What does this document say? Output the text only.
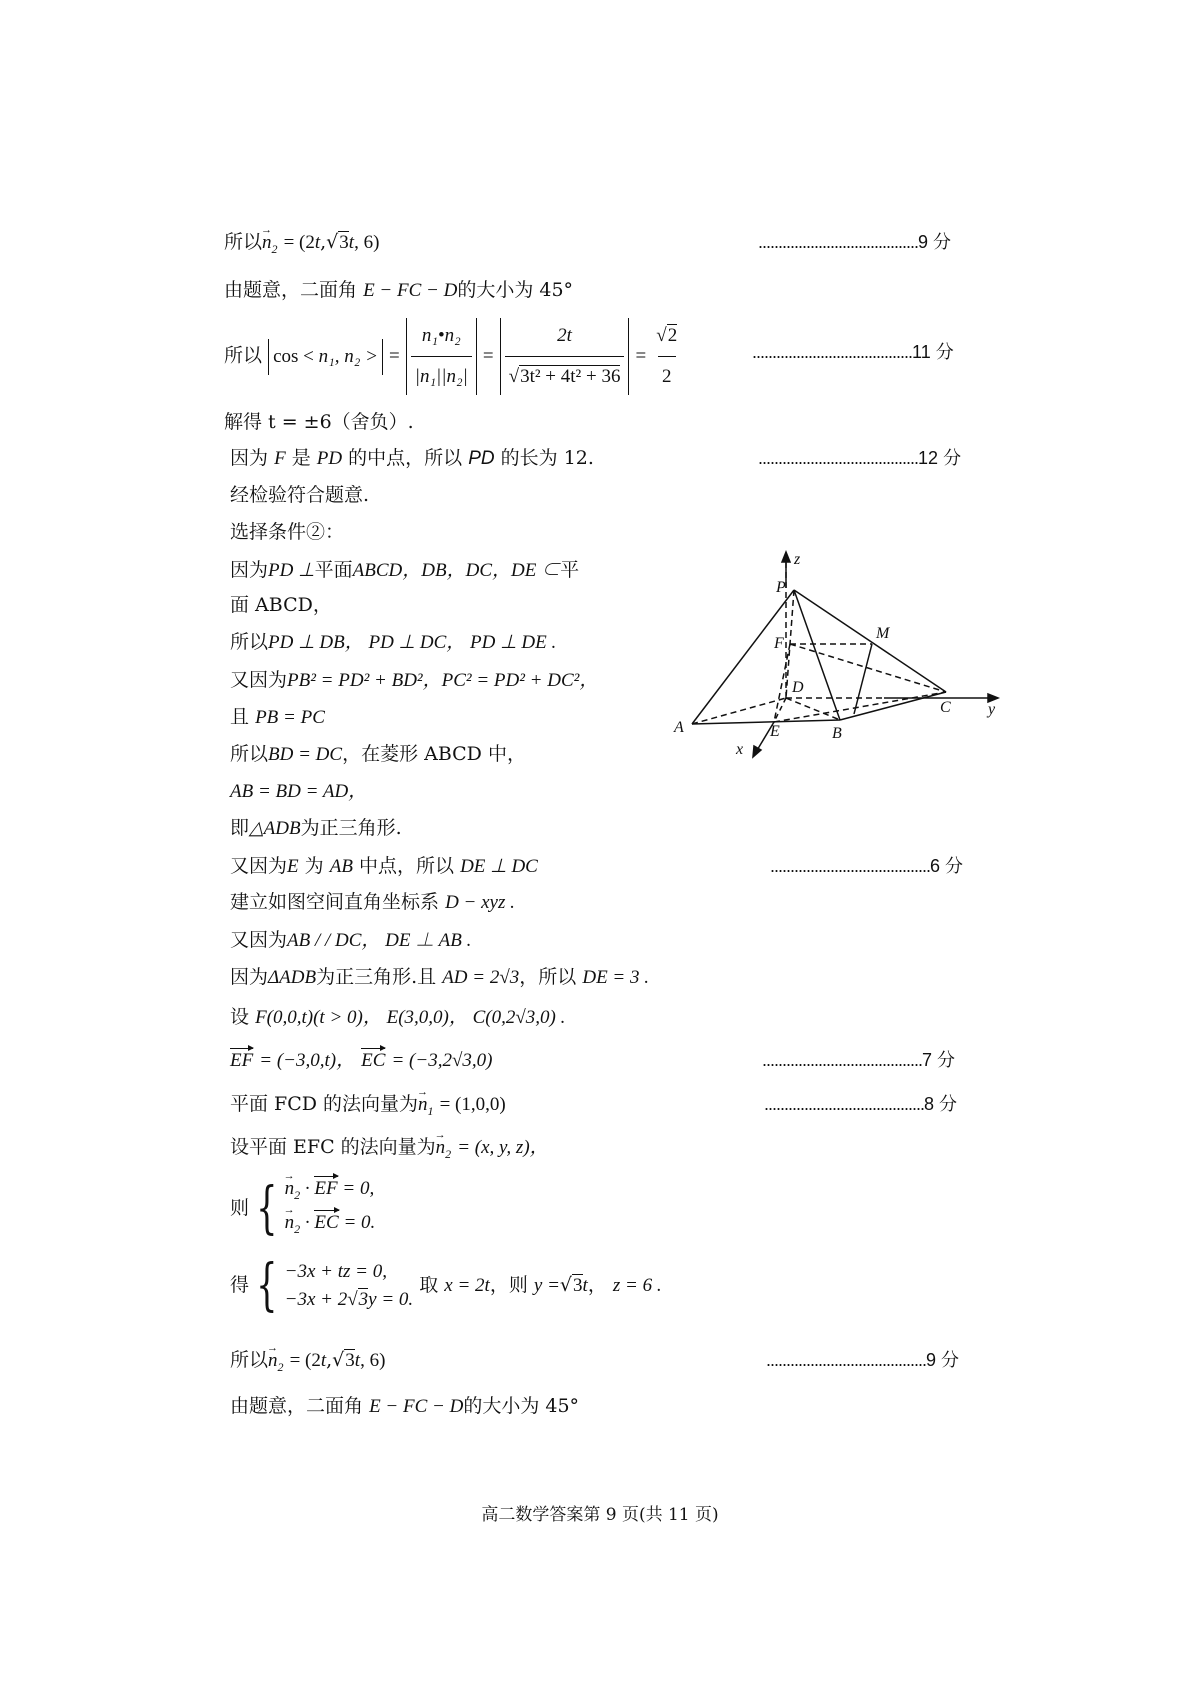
所以→ $n_2 = (2t,√3t$, 6)	........................................9 分
由题意，二面角 E − FC − D的大小为 45°
所以 cos < n₁, n₂ > = $\frac{\text{n₁•n₂}}{\text{|n₁||n₂|}} = \frac{2t}{\text{√3t² + 4t² + 36}} = \frac{√2}{2}$	........................................11 分
解得 t = ±6（舍负）.
因为 F 是 PD 的中点，所以 PD 的长为 12.	........................................12 分
经检验符合题意.
选择条件②：
因为PD ⊥平面ABCD，DB，DC，DE ⊂平
面 ABCD，
所以PD ⊥ DB， PD ⊥ DC， PD ⊥ DE .
又因为PB² = PD² + BD²，PC² = PD² + DC²，
且 PB = PC
所以BD = DC，在菱形 ABCD 中，
AB = BD = AD，
即△ADB为正三角形.
又因为E 为 AB 中点，所以 DE ⊥ DC	........................................6 分
建立如图空间直角坐标系 D − xyz .
又因为AB / / DC， DE ⊥ AB .
因为ΔADB为正三角形.且 AD = 2√3，所以 DE = 3 .
设 F(0,0,t)(t > 0)， E(3,0,0)， C(0,2√3,0) .
EF = (−3,0,t)， EC = (−3,2√3,0)	........................................7 分
平面 FCD 的法向量为→ $n_1 = (1,0,0)$	........................................8 分
设平面 EFC 的法向量为→ $n_2 = (x$, y, z)，
则 {
→ $n_2$ · EF = 0,
→ $n_2$ · EC = 0.
得 { −3x + tz = 0,
−3x + 2√3y = 0.
取 x = 2t，则 y =√3t， z = 6 .
所以→ $n_2 = (2t,√3t$, 6)	........................................9 分
由题意，二面角 E − FC − D的大小为 45°
z
P
M
F
D
C y
A	E	B
x
高二数学答案第 9 页(共 11 页)
